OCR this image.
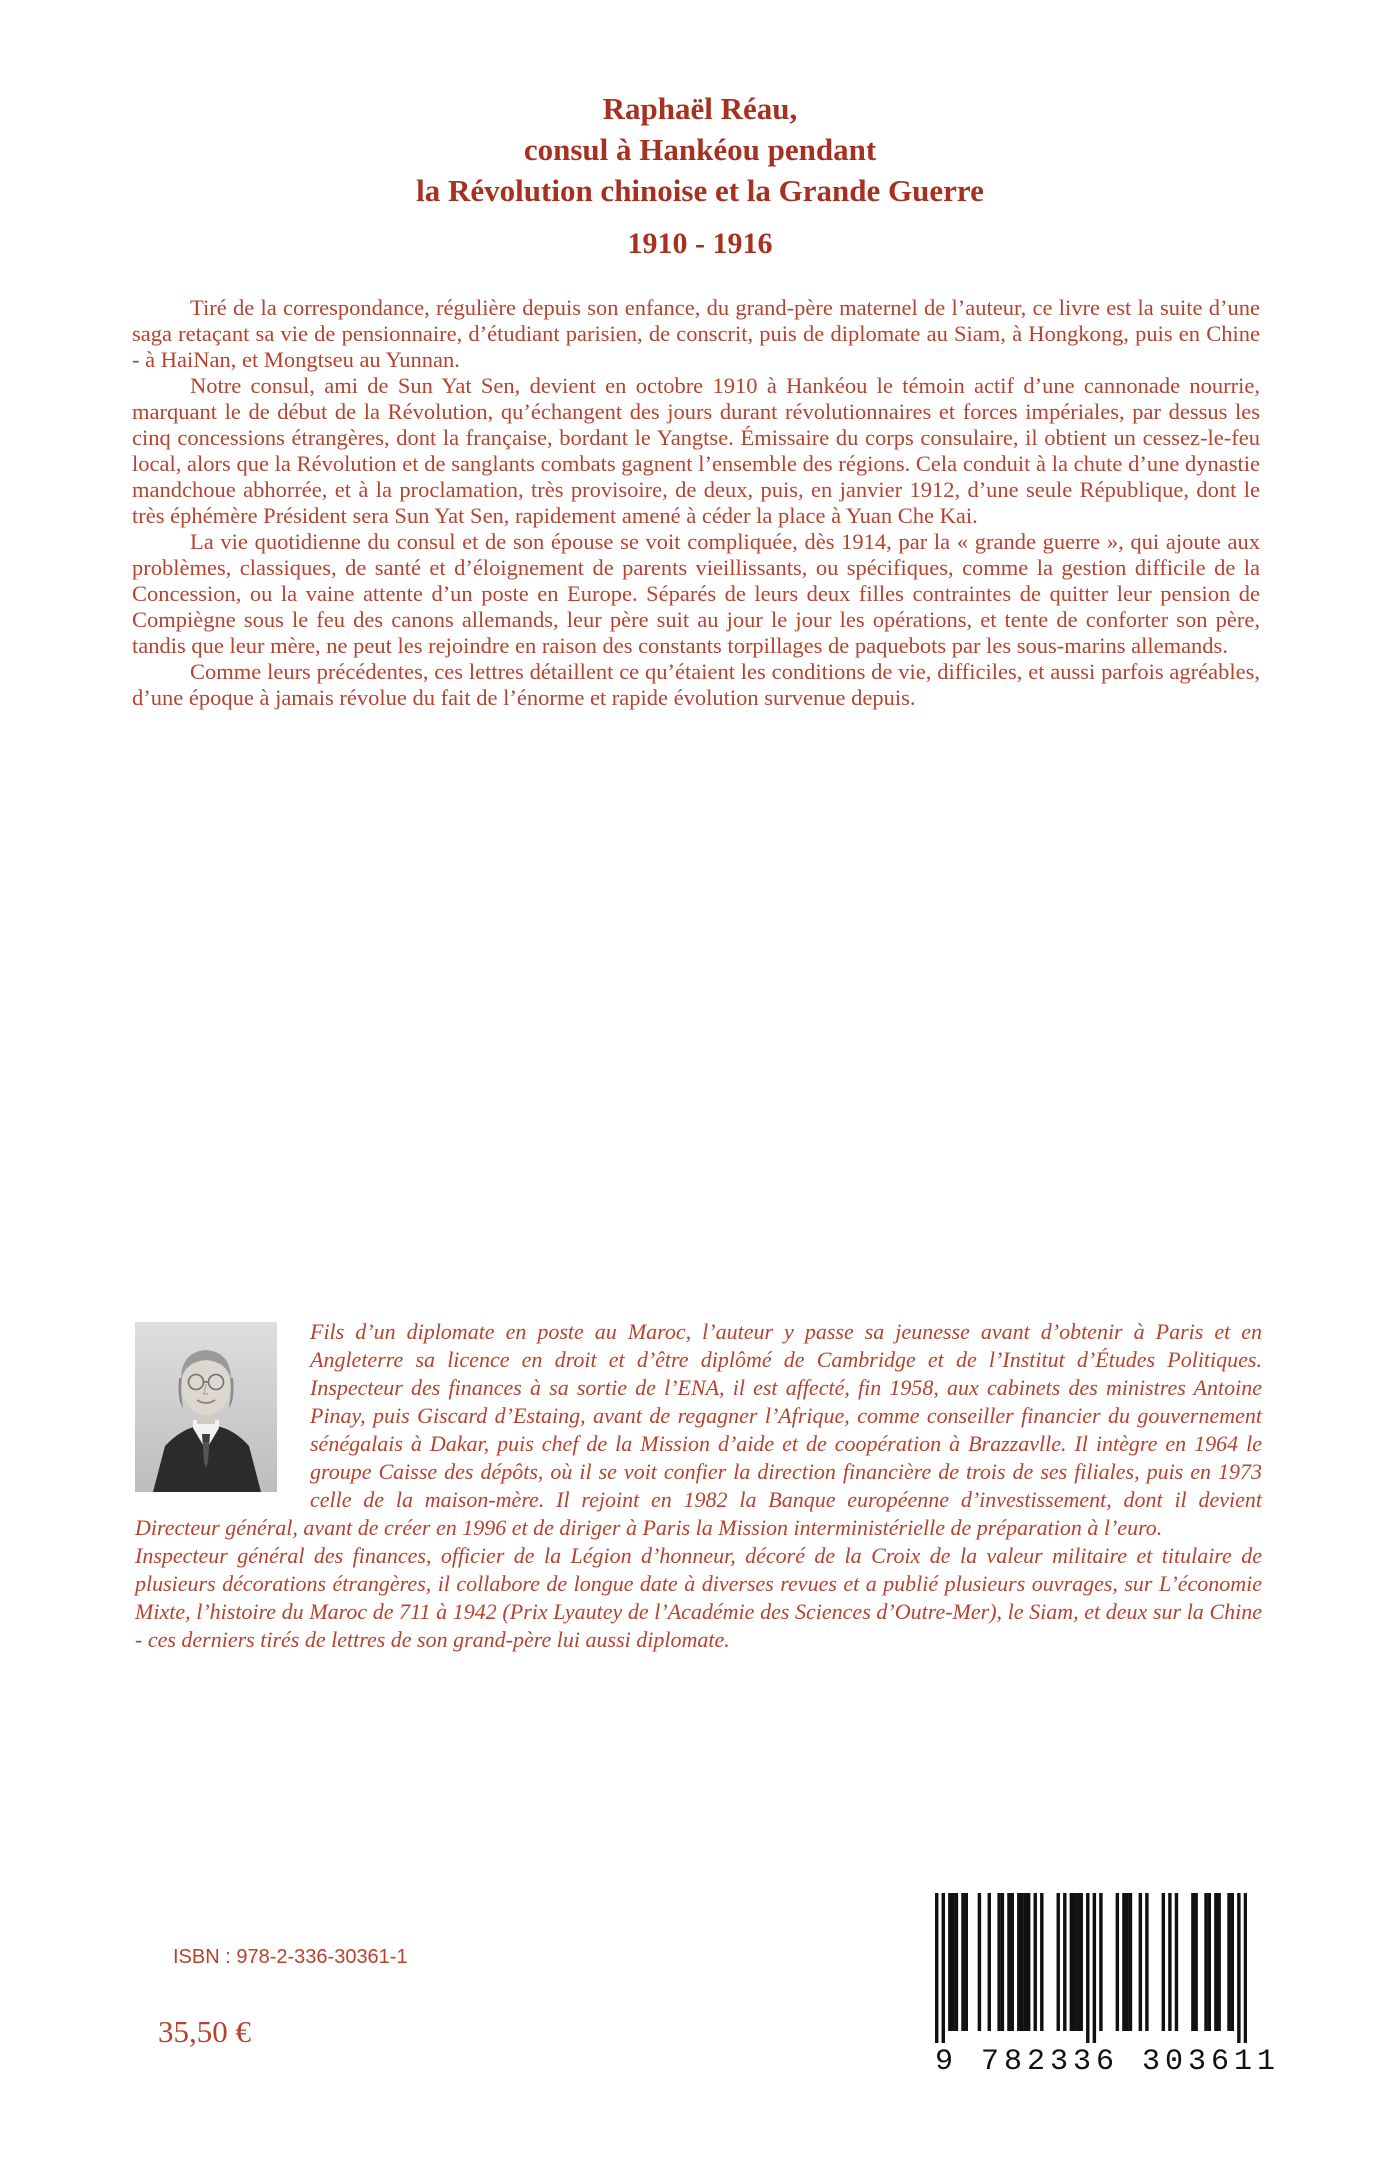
Raphaël Réau,
consul à Hankéou pendant
la Révolution chinoise et la Grande Guerre
1910 - 1916

Tiré de la correspondance, régulière depuis son enfance, du grand-père maternel de l’auteur, ce livre est la suite d’une saga retaçant sa vie de pensionnaire, d’étudiant parisien, de conscrit, puis de diplomate au Siam, à Hongkong, puis en Chine - à HaiNan, et Mongtseu au Yunnan.

Notre consul, ami de Sun Yat Sen, devient en octobre 1910 à Hankéou le témoin actif d’une cannonade nourrie, marquant le de début de la Révolution, qu’échangent des jours durant révolutionnaires et forces impériales, par dessus les cinq concessions étrangères, dont la française, bordant le Yangtse. Émissaire du corps consulaire, il obtient un cessez-le-feu local, alors que la Révolution et de sanglants combats gagnent l’ensemble des régions. Cela conduit à la chute d’une dynastie mandchoue abhorrée, et à la proclamation, très provisoire, de deux, puis, en janvier 1912, d’une seule République, dont le très éphémère Président sera Sun Yat Sen, rapidement amené à céder la place à Yuan Che Kai.

La vie quotidienne du consul et de son épouse se voit compliquée, dès 1914, par la « grande guerre », qui ajoute aux problèmes, classiques, de santé et d’éloignement de parents vieillissants, ou spécifiques, comme la gestion difficile de la Concession, ou la vaine attente d’un poste en Europe. Séparés de leurs deux filles contraintes de quitter leur pension de Compiègne sous le feu des canons allemands, leur père suit au jour le jour les opérations, et tente de conforter son père, tandis que leur mère, ne peut les rejoindre en raison des constants torpillages de paquebots par les sous-marins allemands.

Comme leurs précédentes, ces lettres détaillent ce qu’étaient les conditions de vie, difficiles, et aussi parfois agréables, d’une époque à jamais révolue du fait de l’énorme et rapide évolution survenue depuis.

Fils d’un diplomate en poste au Maroc, l’auteur y passe sa jeunesse avant d’obtenir à Paris et en Angleterre sa licence en droit et d’être diplômé de Cambridge et de l’Institut d’Études Politiques. Inspecteur des finances à sa sortie de l’ENA, il est affecté, fin 1958, aux cabinets des ministres Antoine Pinay, puis Giscard d’Estaing, avant de regagner l’Afrique, comme conseiller financier du gouvernement sénégalais à Dakar, puis chef de la Mission d’aide et de coopération à Brazzavlle. Il intègre en 1964 le groupe Caisse des dépôts, où il se voit confier la direction financière de trois de ses filiales, puis en 1973 celle de la maison-mère. Il rejoint en 1982 la Banque européenne d’investissement, dont il devient Directeur général, avant de créer en 1996 et de diriger à Paris la Mission interministérielle de préparation à l’euro.

Inspecteur général des finances, officier de la Légion d’honneur, décoré de la Croix de la valeur militaire et titulaire de plusieurs décorations étrangères, il collabore de longue date à diverses revues et a publié plusieurs ouvrages, sur L’économie Mixte, l’histoire du Maroc de 711 à 1942 (Prix Lyautey de l’Académie des Sciences d’Outre-Mer), le Siam, et deux sur la Chine - ces derniers tirés de lettres de son grand-père lui aussi diplomate.

ISBN : 978-2-336-30361-1
35,50 €
9 782336 303611
